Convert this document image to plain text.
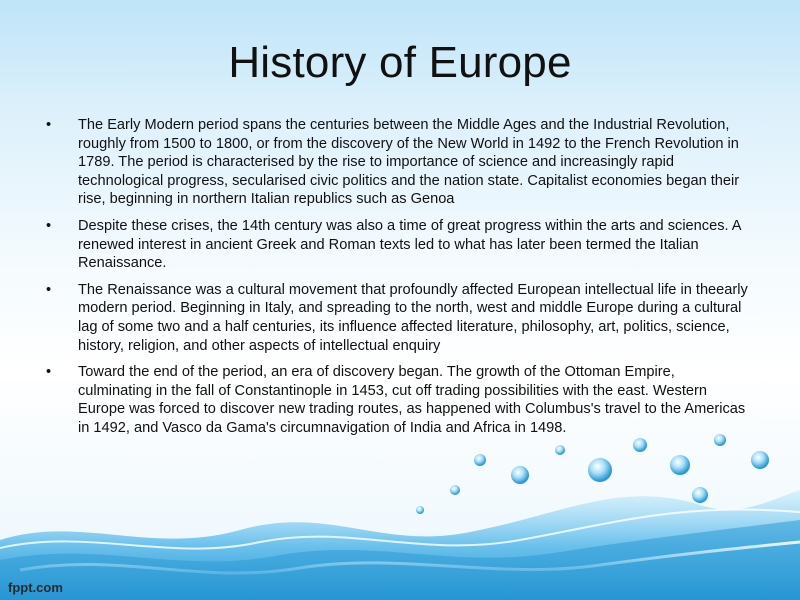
History of Europe
•	The Early Modern period spans the centuries between the Middle Ages and the Industrial Revolution, roughly from 1500 to 1800, or from the discovery of the New World in 1492 to the French Revolution in 1789. The period is characterised by the rise to importance of science and increasingly rapid technological progress, secularised civic politics and the nation state. Capitalist economies began their rise, beginning in northern Italian republics such as Genoa
•	Despite these crises, the 14th century was also a time of great progress within the arts and sciences. A renewed interest in ancient Greek and Roman texts led to what has later been termed the Italian Renaissance.
•	The Renaissance was a cultural movement that profoundly affected European intellectual life in theearly modern period. Beginning in Italy, and spreading to the north, west and middle Europe during a cultural lag of some two and a half centuries, its influence affected literature, philosophy, art, politics, science, history, religion, and other aspects of intellectual enquiry
•	Toward the end of the period, an era of discovery began. The growth of the Ottoman Empire, culminating in the fall of Constantinople in 1453, cut off trading possibilities with the east. Western Europe was forced to discover new trading routes, as happened with Columbus's travel to the Americas in 1492, and Vasco da Gama's circumnavigation of India and Africa in 1498.
fppt.com
